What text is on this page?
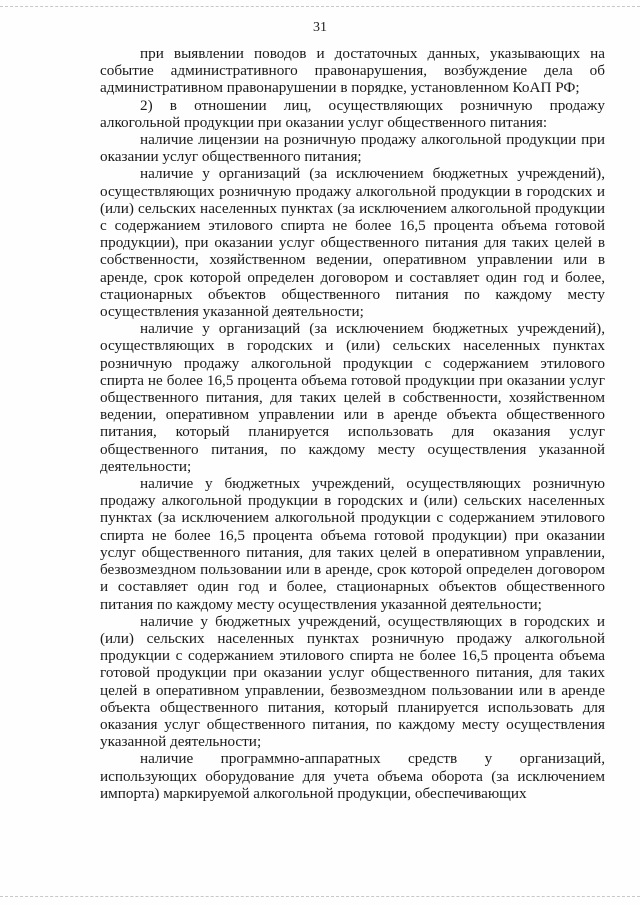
31

при выявлении поводов и достаточных данных, указывающих на событие административного правонарушения, возбуждение дела об административном правонарушении в порядке, установленном КоАП РФ;

2) в отношении лиц, осуществляющих розничную продажу алкогольной продукции при оказании услуг общественного питания:

наличие лицензии на розничную продажу алкогольной продукции при оказании услуг общественного питания;

наличие у организаций (за исключением бюджетных учреждений), осуществляющих розничную продажу алкогольной продукции в городских и (или) сельских населенных пунктах (за исключением алкогольной продукции с содержанием этилового спирта не более 16,5 процента объема готовой продукции), при оказании услуг общественного питания для таких целей в собственности, хозяйственном ведении, оперативном управлении или в аренде, срок которой определен договором и составляет один год и более, стационарных объектов общественного питания по каждому месту осуществления указанной деятельности;

наличие у организаций (за исключением бюджетных учреждений), осуществляющих в городских и (или) сельских населенных пунктах розничную продажу алкогольной продукции с содержанием этилового спирта не более 16,5 процента объема готовой продукции при оказании услуг общественного питания, для таких целей в собственности, хозяйственном ведении, оперативном управлении или в аренде объекта общественного питания, который планируется использовать для оказания услуг общественного питания, по каждому месту осуществления указанной деятельности;

наличие у бюджетных учреждений, осуществляющих розничную продажу алкогольной продукции в городских и (или) сельских населенных пунктах (за исключением алкогольной продукции с содержанием этилового спирта не более 16,5 процента объема готовой продукции) при оказании услуг общественного питания, для таких целей в оперативном управлении, безвозмездном пользовании или в аренде, срок которой определен договором и составляет один год и более, стационарных объектов общественного питания по каждому месту осуществления указанной деятельности;

наличие у бюджетных учреждений, осуществляющих в городских и (или) сельских населенных пунктах розничную продажу алкогольной продукции с содержанием этилового спирта не более 16,5 процента объема готовой продукции при оказании услуг общественного питания, для таких целей в оперативном управлении, безвозмездном пользовании или в аренде объекта общественного питания, который планируется использовать для оказания услуг общественного питания, по каждому месту осуществления указанной деятельности;

наличие программно-аппаратных средств у организаций, использующих оборудование для учета объема оборота (за исключением импорта) маркируемой алкогольной продукции, обеспечивающих
